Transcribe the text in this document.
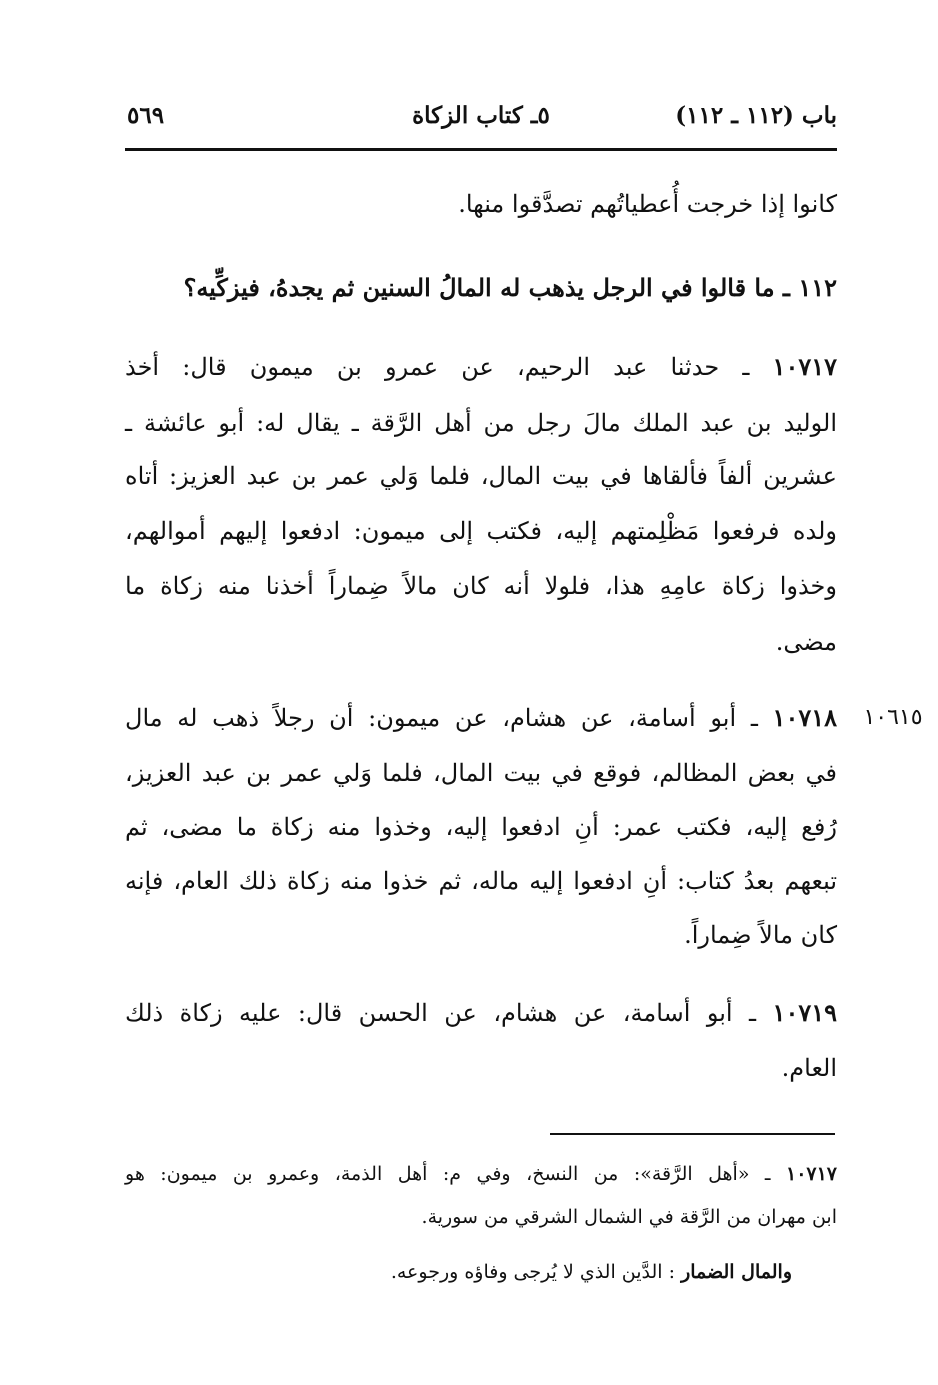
باب (١١٢ ـ ١١٢)
٥ـ كتاب الزكاة
٥٦٩
كانوا إذا خرجت أُعطياتُهم تصدَّقوا منها.
١١٢ ـ ما قالوا في الرجل يذهب له المالُ السنين ثم يجدهُ، فيزكِّيه؟
١٠٧١٧ ـ حدثنا عبد الرحيم، عن عمرو بن ميمون قال: أخذ
الوليد بن عبد الملك مالَ رجل من أهل الرَّقة ـ يقال له: أبو عائشة ـ
عشرين ألفاً فألقاها في بيت المال، فلما وَلي عمر بن عبد العزيز: أتاه
ولده فرفعوا مَظْلِمتهم إليه، فكتب إلى ميمون: ادفعوا إليهم أموالهم،
وخذوا زكاة عامِهِ هذا، فلولا أنه كان مالاً ضِماراً أخذنا منه زكاة ما
مضى.
١٠٦١٥
١٠٧١٨ ـ أبو أسامة، عن هشام، عن ميمون: أن رجلاً ذهب له مال
في بعض المظالم، فوقع في بيت المال، فلما وَلي عمر بن عبد العزيز،
رُفع إليه، فكتب عمر: أنِ ادفعوا إليه، وخذوا منه زكاة ما مضى، ثم
تبعهم بعدُ كتاب: أنِ ادفعوا إليه ماله، ثم خذوا منه زكاة ذلك العام، فإنه
كان مالاً ضِماراً.
١٠٧١٩ ـ أبو أسامة، عن هشام، عن الحسن قال: عليه زكاة ذلك
العام.
١٠٧١٧ ـ «أهل الرَّقة»: من النسخ، وفي م: أهل الذمة، وعمرو بن ميمون: هو
ابن مهران من الرَّقة في الشمال الشرقي من سورية.
والمال الضمار : الدَّين الذي لا يُرجى وفاؤه ورجوعه.
